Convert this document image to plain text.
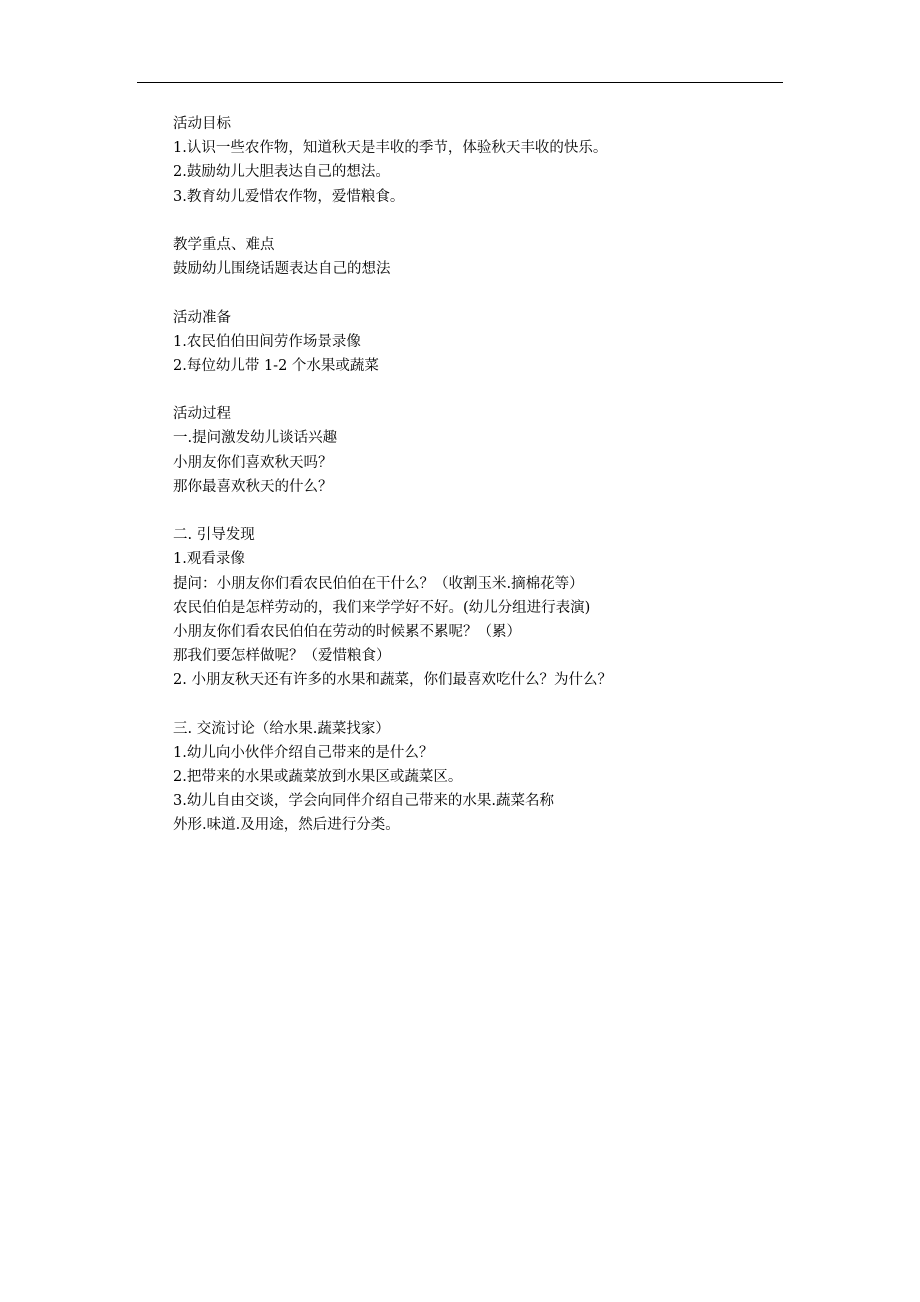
活动目标
1.认识一些农作物，知道秋天是丰收的季节，体验秋天丰收的快乐。
2.鼓励幼儿大胆表达自己的想法。
3.教育幼儿爱惜农作物，爱惜粮食。
教学重点、难点
鼓励幼儿围绕话题表达自己的想法
活动准备
1.农民伯伯田间劳作场景录像
2.每位幼儿带 1-2 个水果或蔬菜
活动过程
一.提问激发幼儿谈话兴趣
小朋友你们喜欢秋天吗？
那你最喜欢秋天的什么？
二. 引导发现
1.观看录像
提问：小朋友你们看农民伯伯在干什么？（收割玉米.摘棉花等）
农民伯伯是怎样劳动的，我们来学学好不好。(幼儿分组进行表演)
小朋友你们看农民伯伯在劳动的时候累不累呢？（累）
那我们要怎样做呢？（爱惜粮食）
2. 小朋友秋天还有许多的水果和蔬菜，你们最喜欢吃什么？为什么？
三. 交流讨论（给水果.蔬菜找家）
1.幼儿向小伙伴介绍自己带来的是什么？
2.把带来的水果或蔬菜放到水果区或蔬菜区。
3.幼儿自由交谈，学会向同伴介绍自己带来的水果.蔬菜名称
外形.味道.及用途，然后进行分类。
